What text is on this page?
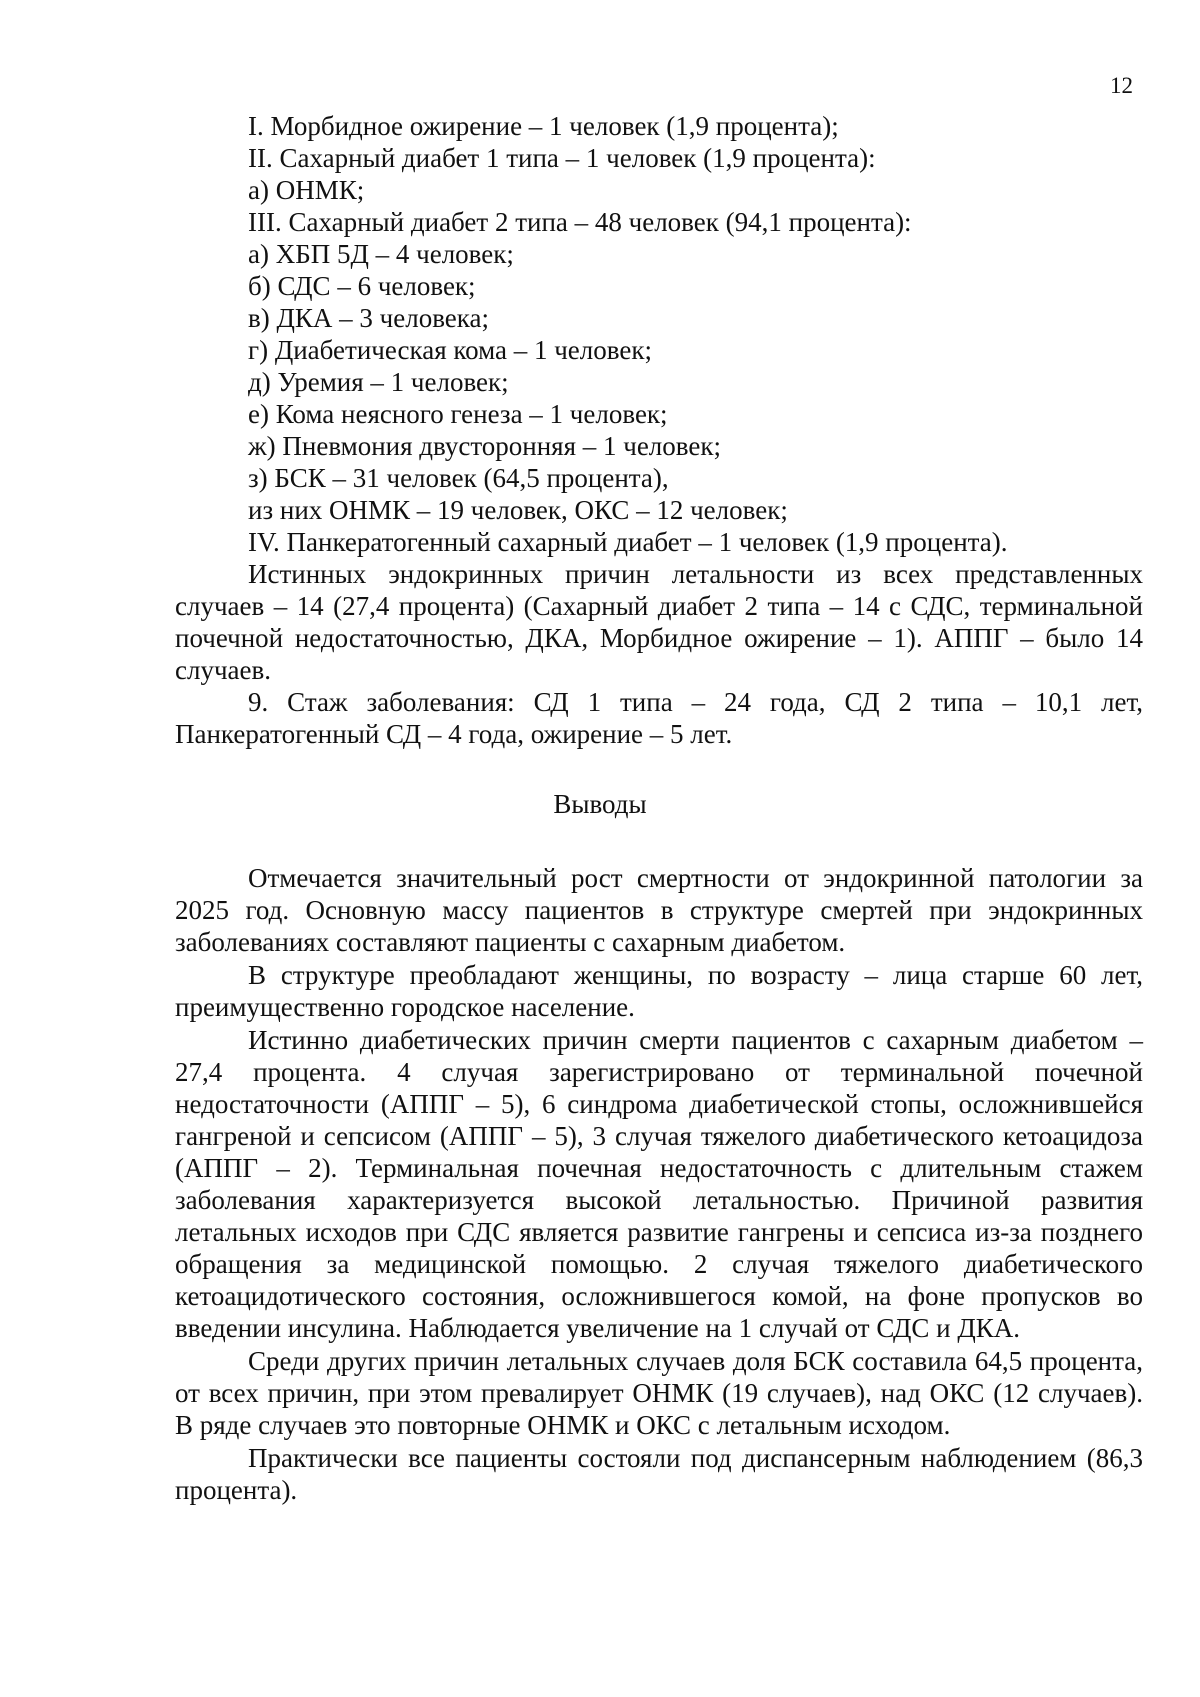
12

I. Морбидное ожирение – 1 человек (1,9 процента);

II. Сахарный диабет 1 типа – 1 человек (1,9 процента):

а) ОНМК;

III. Сахарный диабет 2 типа – 48 человек (94,1 процента):

а) ХБП 5Д – 4 человек;

б) СДС – 6 человек;

в) ДКА – 3 человека;

г) Диабетическая кома – 1 человек;

д) Уремия – 1 человек;

е) Кома неясного генеза – 1 человек;

ж) Пневмония двусторонняя – 1 человек;

з) БСК – 31 человек (64,5 процента),

из них ОНМК – 19 человек, ОКС – 12 человек;

IV. Панкератогенный сахарный диабет – 1 человек (1,9 процента).

Истинных эндокринных причин летальности из всех представленных случаев – 14 (27,4 процента) (Сахарный диабет 2 типа – 14 с СДС, терминальной почечной недостаточностью, ДКА, Морбидное ожирение – 1). АППГ – было 14 случаев.

9. Стаж заболевания: СД 1 типа – 24 года, СД 2 типа – 10,1 лет, Панкератогенный СД – 4 года, ожирение – 5 лет.

Выводы

Отмечается значительный рост смертности от эндокринной патологии за 2025 год. Основную массу пациентов в структуре смертей при эндокринных заболеваниях составляют пациенты с сахарным диабетом.

В структуре преобладают женщины, по возрасту – лица старше 60 лет, преимущественно городское население.

Истинно диабетических причин смерти пациентов с сахарным диабетом – 27,4 процента. 4 случая зарегистрировано от терминальной почечной недостаточности (АППГ – 5), 6 синдрома диабетической стопы, осложнившейся гангреной и сепсисом (АППГ – 5), 3 случая тяжелого диабетического кетоацидоза (АППГ – 2). Терминальная почечная недостаточность с длительным стажем заболевания характеризуется высокой летальностью. Причиной развития летальных исходов при СДС является развитие гангрены и сепсиса из-за позднего обращения за медицинской помощью. 2 случая тяжелого диабетического кетоацидотического состояния, осложнившегося комой, на фоне пропусков во введении инсулина. Наблюдается увеличение на 1 случай от СДС и ДКА.

Среди других причин летальных случаев доля БСК составила 64,5 процента, от всех причин, при этом превалирует ОНМК (19 случаев), над ОКС (12 случаев). В ряде случаев это повторные ОНМК и ОКС с летальным исходом.

Практически все пациенты состояли под диспансерным наблюдением (86,3 процента).
